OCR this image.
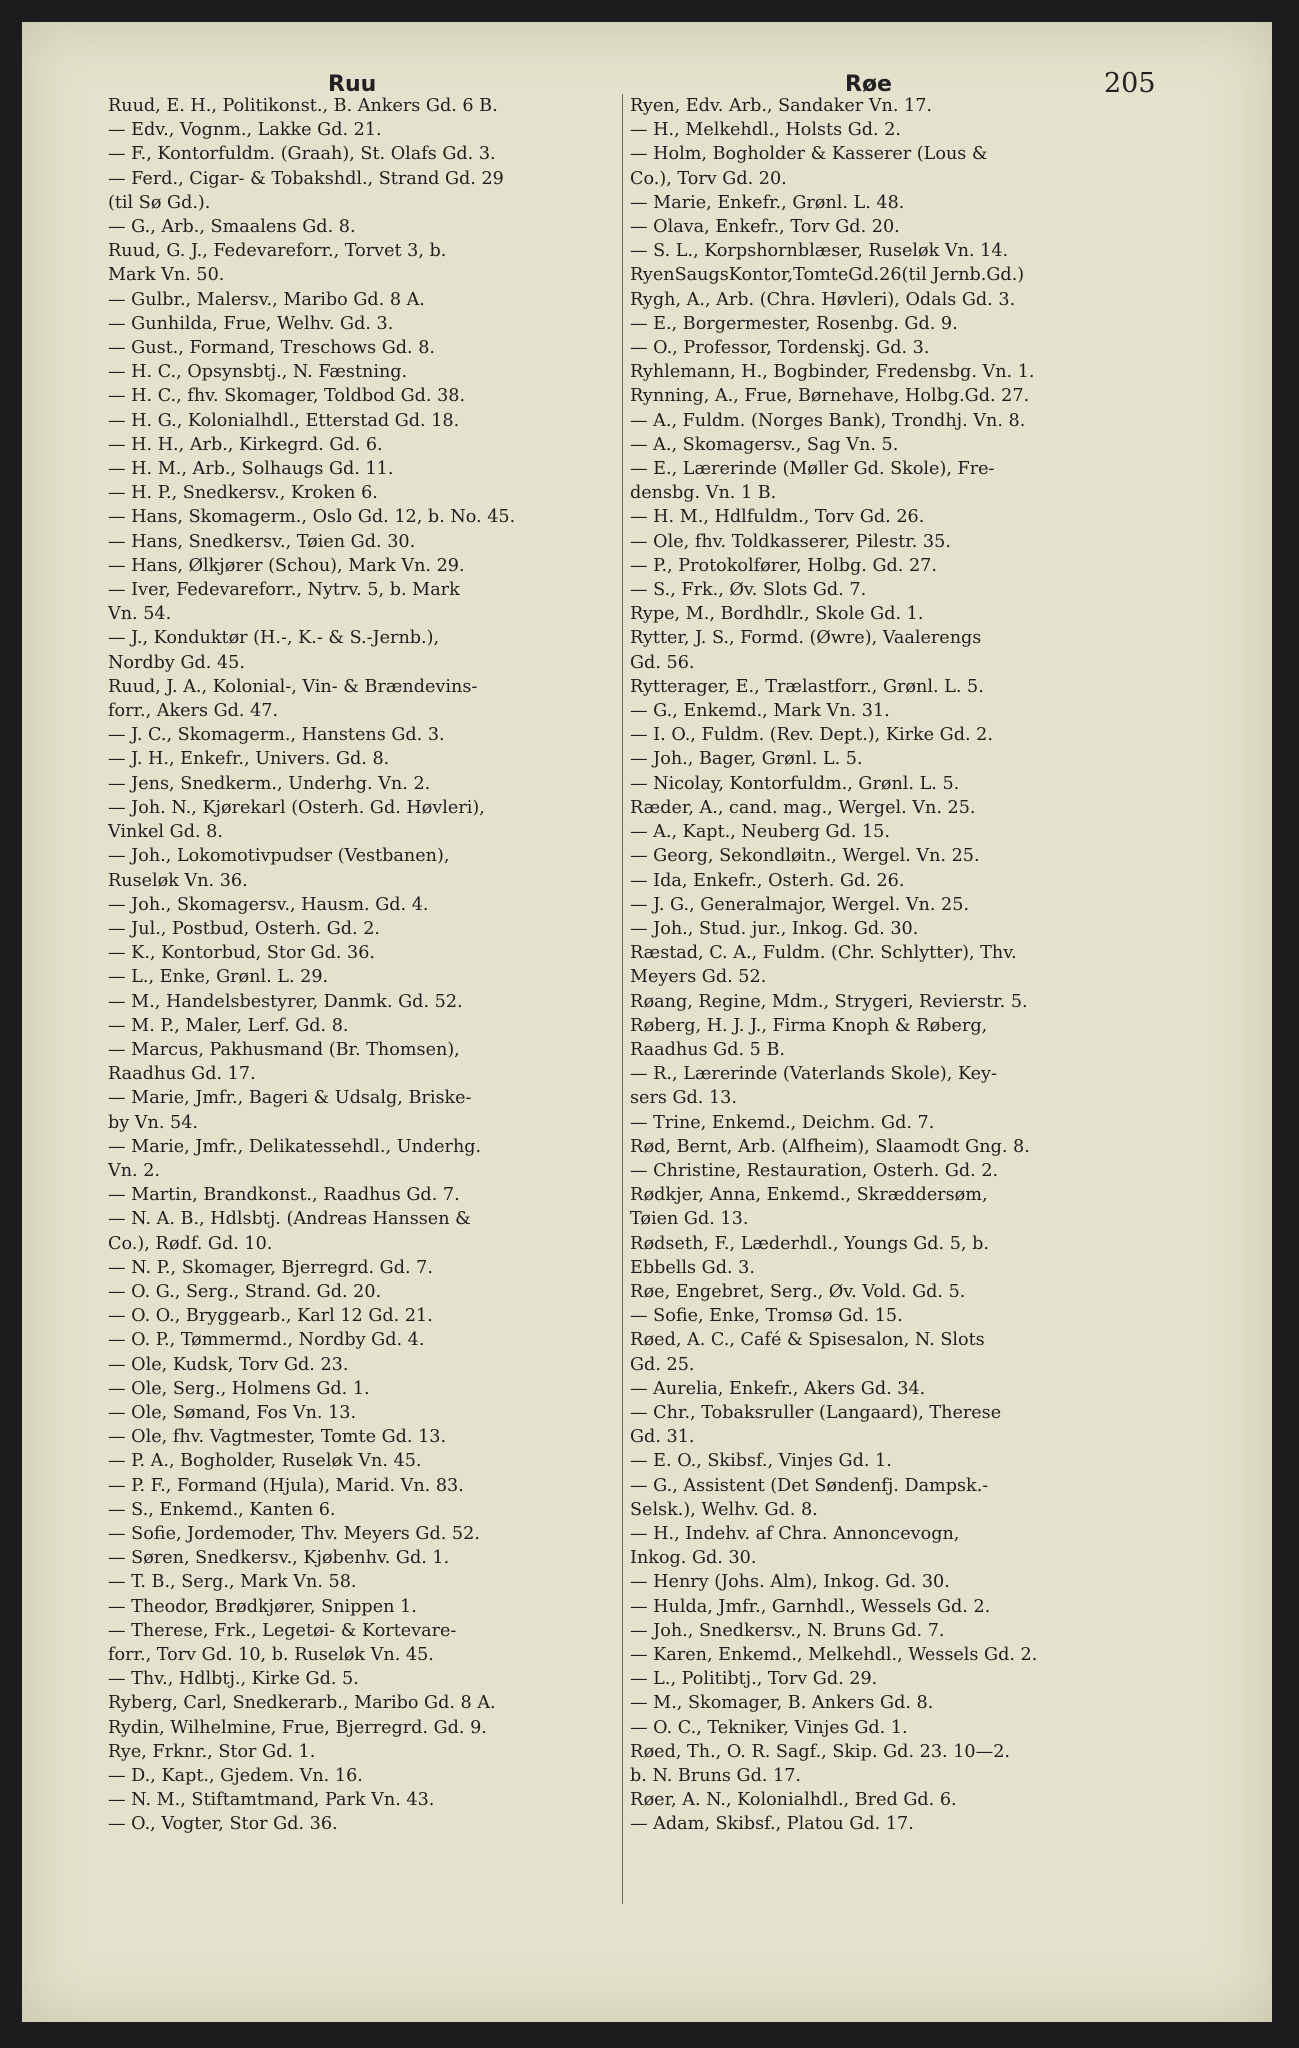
Ruu	Røe	205
Ruud, E. H., Politikonst., B. Ankers Gd. 6 B.
— Edv., Vognm., Lakke Gd. 21.
— F., Kontorfuldm. (Graah), St. Olafs Gd. 3.
— Ferd., Cigar- & Tobakshdl., Strand Gd. 29
(til Sø Gd.).
— G., Arb., Smaalens Gd. 8.
Ruud, G. J., Fedevareforr., Torvet 3, b.
Mark Vn. 50.
— Gulbr., Malersv., Maribo Gd. 8 A.
— Gunhilda, Frue, Welhv. Gd. 3.
— Gust., Formand, Treschows Gd. 8.
— H. C., Opsynsbtj., N. Fæstning.
— H. C., fhv. Skomager, Toldbod Gd. 38.
— H. G., Kolonialhdl., Etterstad Gd. 18.
— H. H., Arb., Kirkegrd. Gd. 6.
— H. M., Arb., Solhaugs Gd. 11.
— H. P., Snedkersv., Kroken 6.
— Hans, Skomagerm., Oslo Gd. 12, b. No. 45.
— Hans, Snedkersv., Tøien Gd. 30.
— Hans, Ølkjører (Schou), Mark Vn. 29.
— Iver, Fedevareforr., Nytrv. 5, b. Mark
Vn. 54.
— J., Konduktør (H.-, K.- & S.-Jernb.),
Nordby Gd. 45.
Ruud, J. A., Kolonial-, Vin- & Brændevins-
forr., Akers Gd. 47.
— J. C., Skomagerm., Hanstens Gd. 3.
— J. H., Enkefr., Univers. Gd. 8.
— Jens, Snedkerm., Underhg. Vn. 2.
— Joh. N., Kjørekarl (Osterh. Gd. Høvleri),
Vinkel Gd. 8.
— Joh., Lokomotivpudser (Vestbanen),
Ruseløk Vn. 36.
— Joh., Skomagersv., Hausm. Gd. 4.
— Jul., Postbud, Osterh. Gd. 2.
— K., Kontorbud, Stor Gd. 36.
— L., Enke, Grønl. L. 29.
— M., Handelsbestyrer, Danmk. Gd. 52.
— M. P., Maler, Lerf. Gd. 8.
— Marcus, Pakhusmand (Br. Thomsen),
Raadhus Gd. 17.
— Marie, Jmfr., Bageri & Udsalg, Briske-
by Vn. 54.
— Marie, Jmfr., Delikatessehdl., Underhg.
Vn. 2.
— Martin, Brandkonst., Raadhus Gd. 7.
— N. A. B., Hdlsbtj. (Andreas Hanssen &
Co.), Rødf. Gd. 10.
— N. P., Skomager, Bjerregrd. Gd. 7.
— O. G., Serg., Strand. Gd. 20.
— O. O., Bryggearb., Karl 12 Gd. 21.
— O. P., Tømmermd., Nordby Gd. 4.
— Ole, Kudsk, Torv Gd. 23.
— Ole, Serg., Holmens Gd. 1.
— Ole, Sømand, Fos Vn. 13.
— Ole, fhv. Vagtmester, Tomte Gd. 13.
— P. A., Bogholder, Ruseløk Vn. 45.
— P. F., Formand (Hjula), Marid. Vn. 83.
— S., Enkemd., Kanten 6.
— Sofie, Jordemoder, Thv. Meyers Gd. 52.
— Søren, Snedkersv., Kjøbenhv. Gd. 1.
— T. B., Serg., Mark Vn. 58.
— Theodor, Brødkjører, Snippen 1.
— Therese, Frk., Legetøi- & Kortevare-
forr., Torv Gd. 10, b. Ruseløk Vn. 45.
— Thv., Hdlbtj., Kirke Gd. 5.
Ryberg, Carl, Snedkerarb., Maribo Gd. 8 A.
Rydin, Wilhelmine, Frue, Bjerregrd. Gd. 9.
Rye, Frknr., Stor Gd. 1.
— D., Kapt., Gjedem. Vn. 16.
— N. M., Stiftamtmand, Park Vn. 43.
— O., Vogter, Stor Gd. 36.
Ryen, Edv. Arb., Sandaker Vn. 17.
— H., Melkehdl., Holsts Gd. 2.
— Holm, Bogholder & Kasserer (Lous &
Co.), Torv Gd. 20.
— Marie, Enkefr., Grønl. L. 48.
— Olava, Enkefr., Torv Gd. 20.
— S. L., Korpshornblæser, Ruseløk Vn. 14.
RyenSaugsKontor,TomteGd.26(til Jernb.Gd.)
Rygh, A., Arb. (Chra. Høvleri), Odals Gd. 3.
— E., Borgermester, Rosenbg. Gd. 9.
— O., Professor, Tordenskj. Gd. 3.
Ryhlemann, H., Bogbinder, Fredensbg. Vn. 1.
Rynning, A., Frue, Børnehave, Holbg.Gd. 27.
— A., Fuldm. (Norges Bank), Trondhj. Vn. 8.
— A., Skomagersv., Sag Vn. 5.
— E., Lærerinde (Møller Gd. Skole), Fre-
densbg. Vn. 1 B.
— H. M., Hdlfuldm., Torv Gd. 26.
— Ole, fhv. Toldkasserer, Pilestr. 35.
— P., Protokolfører, Holbg. Gd. 27.
— S., Frk., Øv. Slots Gd. 7.
Rype, M., Bordhdlr., Skole Gd. 1.
Rytter, J. S., Formd. (Øwre), Vaalerengs
Gd. 56.
Rytterager, E., Trælastforr., Grønl. L. 5.
— G., Enkemd., Mark Vn. 31.
— I. O., Fuldm. (Rev. Dept.), Kirke Gd. 2.
— Joh., Bager, Grønl. L. 5.
— Nicolay, Kontorfuldm., Grønl. L. 5.
Ræder, A., cand. mag., Wergel. Vn. 25.
— A., Kapt., Neuberg Gd. 15.
— Georg, Sekondløitn., Wergel. Vn. 25.
— Ida, Enkefr., Osterh. Gd. 26.
— J. G., Generalmajor, Wergel. Vn. 25.
— Joh., Stud. jur., Inkog. Gd. 30.
Ræstad, C. A., Fuldm. (Chr. Schlytter), Thv.
Meyers Gd. 52.
Røang, Regine, Mdm., Strygeri, Revierstr. 5.
Røberg, H. J. J., Firma Knoph & Røberg,
Raadhus Gd. 5 B.
— R., Lærerinde (Vaterlands Skole), Key-
sers Gd. 13.
— Trine, Enkemd., Deichm. Gd. 7.
Rød, Bernt, Arb. (Alfheim), Slaamodt Gng. 8.
— Christine, Restauration, Osterh. Gd. 2.
Rødkjer, Anna, Enkemd., Skræddersøm,
Tøien Gd. 13.
Rødseth, F., Læderhdl., Youngs Gd. 5, b.
Ebbells Gd. 3.
Røe, Engebret, Serg., Øv. Vold. Gd. 5.
— Sofie, Enke, Tromsø Gd. 15.
Røed, A. C., Café & Spisesalon, N. Slots
Gd. 25.
— Aurelia, Enkefr., Akers Gd. 34.
— Chr., Tobaksruller (Langaard), Therese
Gd. 31.
— E. O., Skibsf., Vinjes Gd. 1.
— G., Assistent (Det Søndenfj. Dampsk.-
Selsk.), Welhv. Gd. 8.
— H., Indehv. af Chra. Annoncevogn,
Inkog. Gd. 30.
— Henry (Johs. Alm), Inkog. Gd. 30.
— Hulda, Jmfr., Garnhdl., Wessels Gd. 2.
— Joh., Snedkersv., N. Bruns Gd. 7.
— Karen, Enkemd., Melkehdl., Wessels Gd. 2.
— L., Politibtj., Torv Gd. 29.
— M., Skomager, B. Ankers Gd. 8.
— O. C., Tekniker, Vinjes Gd. 1.
Røed, Th., O. R. Sagf., Skip. Gd. 23. 10—2.
b. N. Bruns Gd. 17.
Røer, A. N., Kolonialhdl., Bred Gd. 6.
— Adam, Skibsf., Platou Gd. 17.
